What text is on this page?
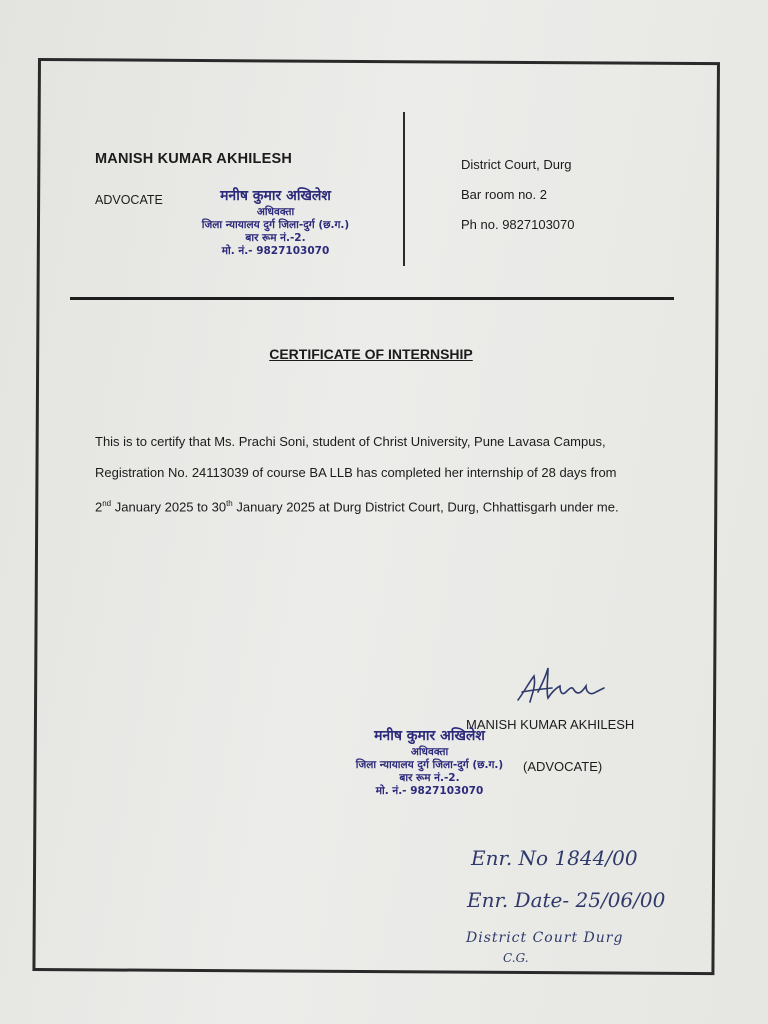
MANISH KUMAR AKHILESH
ADVOCATE	मनीष कुमार अखिलेश
अधिवक्ता
जिला न्यायालय दुर्ग जिला-दुर्ग (छ.ग.)
बार रूम नं.-2.
मो. नं.- 9827103070
District Court, Durg
Bar room no. 2
Ph no. 9827103070
CERTIFICATE OF INTERNSHIP
This is to certify that Ms. Prachi Soni, student of Christ University, Pune Lavasa Campus, Registration No. 24113039 of course BA LLB has completed her internship of 28 days from 2nd January 2025 to 30th January 2025 at Durg District Court, Durg, Chhattisgarh under me.
MANISH KUMAR AKHILESH
मनीष कुमार अखिलेश
अधिवक्ता
जिला न्यायालय दुर्ग जिला-दुर्ग (छ.ग.)
बार रूम नं.-2.
मो. नं.- 9827103070
(ADVOCATE)
Enr. No 1844/00
Enr. Date- 25/06/00
District Court Durg
C.G.
